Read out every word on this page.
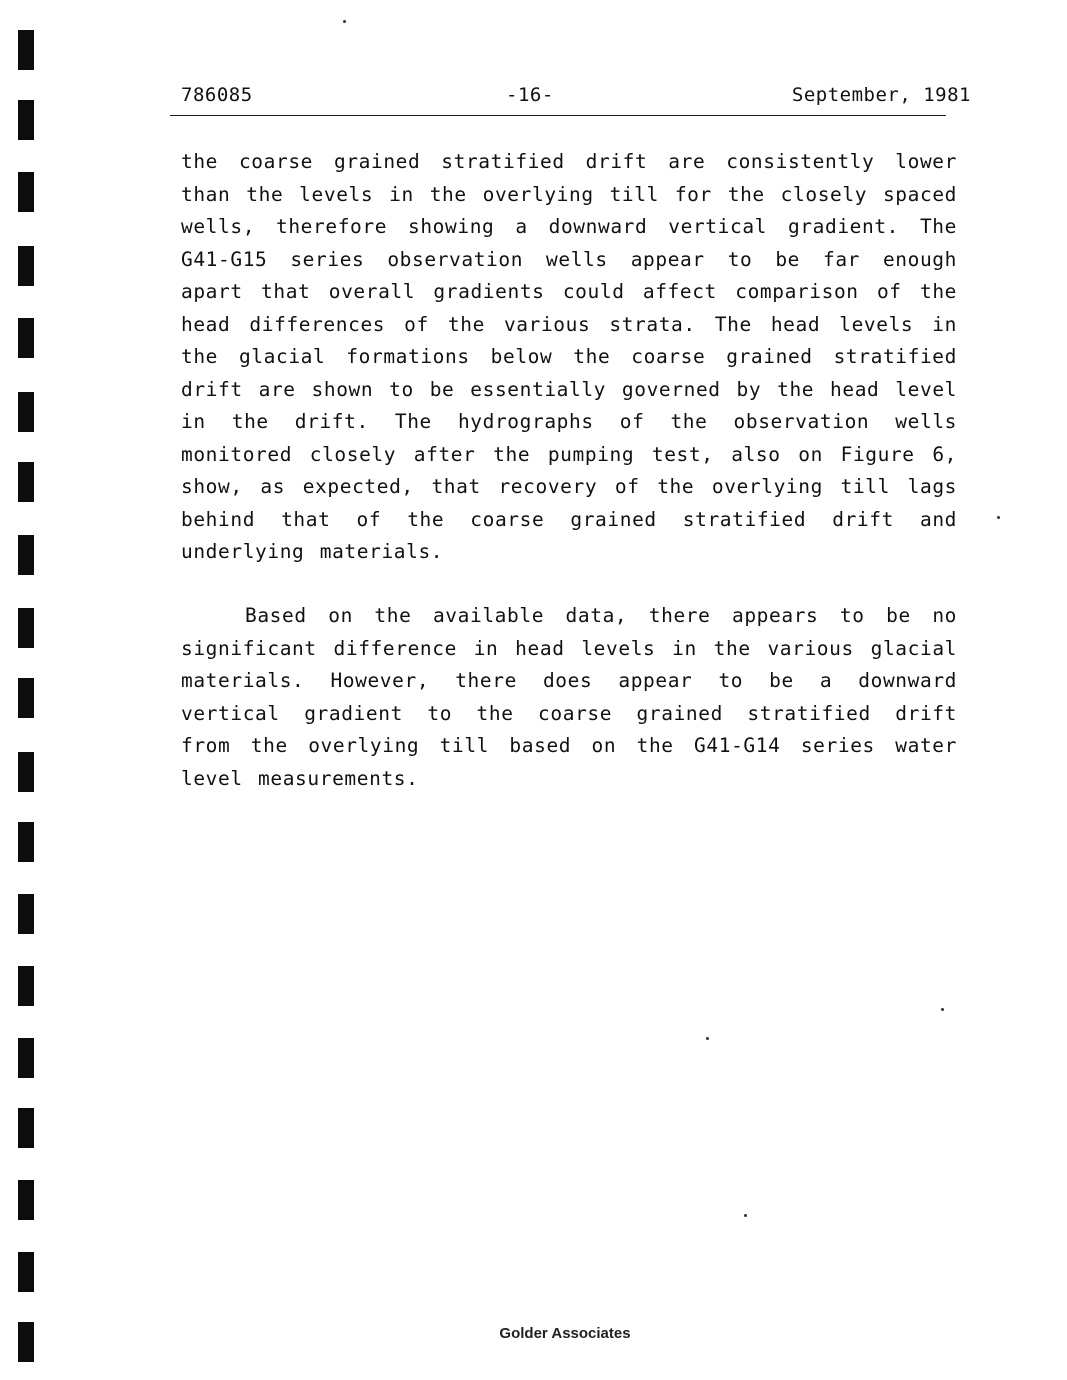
786085	-16-	September, 1981
the coarse grained stratified drift are consistently lower than the levels in the overlying till for the closely spaced wells, therefore showing a downward vertical gradient. The G41-G15 series observation wells appear to be far enough apart that overall gradients could affect comparison of the head differences of the various strata. The head levels in the glacial formations below the coarse grained stratified drift are shown to be essentially governed by the head level in the drift. The hydrographs of the observation wells monitored closely after the pumping test, also on Figure 6, show, as expected, that recovery of the overlying till lags behind that of the coarse grained stratified drift and underlying materials.
Based on the available data, there appears to be no significant difference in head levels in the various glacial materials. However, there does appear to be a downward vertical gradient to the coarse grained stratified drift from the overlying till based on the G41-G14 series water level measurements.
Golder Associates
